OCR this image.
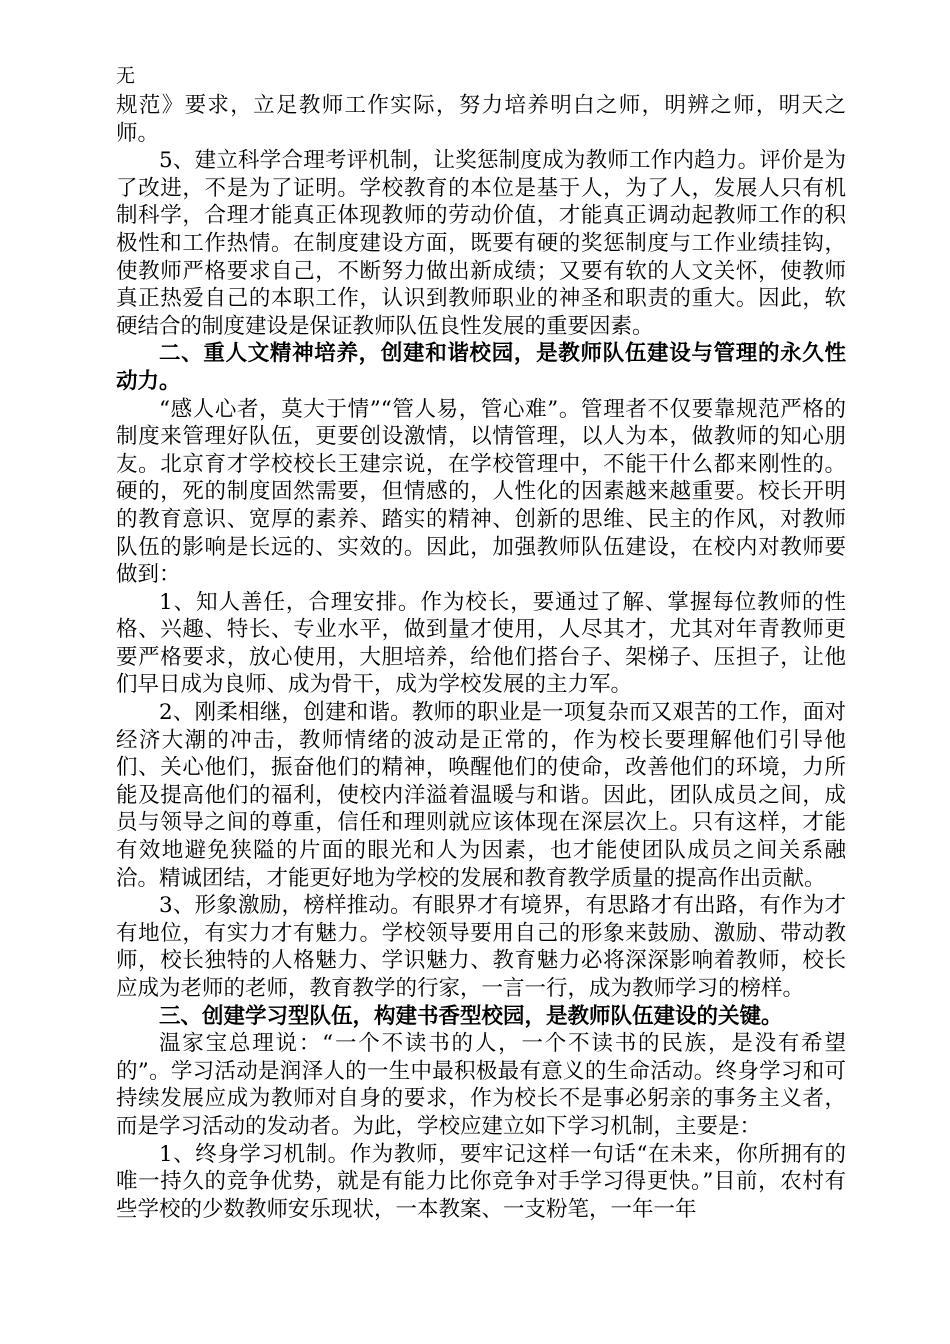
无

规范》要求，立足教师工作实际，努力培养明白之师，明辨之师，明天之师。

5、建立科学合理考评机制，让奖惩制度成为教师工作内趋力。评价是为了改进，不是为了证明。学校教育的本位是基于人，为了人，发展人只有机制科学，合理才能真正体现教师的劳动价值，才能真正调动起教师工作的积极性和工作热情。在制度建设方面，既要有硬的奖惩制度与工作业绩挂钩，使教师严格要求自己，不断努力做出新成绩；又要有软的人文关怀，使教师真正热爱自己的本职工作，认识到教师职业的神圣和职责的重大。因此，软硬结合的制度建设是保证教师队伍良性发展的重要因素。

二、重人文精神培养，创建和谐校园，是教师队伍建设与管理的永久性动力。

“感人心者，莫大于情”“管人易，管心难”。管理者不仅要靠规范严格的制度来管理好队伍，更要创设激情，以情管理，以人为本，做教师的知心朋友。北京育才学校校长王建宗说，在学校管理中，不能干什么都来刚性的。硬的，死的制度固然需要，但情感的，人性化的因素越来越重要。校长开明的教育意识、宽厚的素养、踏实的精神、创新的思维、民主的作风，对教师队伍的影响是长远的、实效的。因此，加强教师队伍建设，在校内对教师要做到：

1、知人善任，合理安排。作为校长，要通过了解、掌握每位教师的性格、兴趣、特长、专业水平，做到量才使用，人尽其才，尤其对年青教师更要严格要求，放心使用，大胆培养，给他们搭台子、架梯子、压担子，让他们早日成为良师、成为骨干，成为学校发展的主力军。

2、刚柔相继，创建和谐。教师的职业是一项复杂而又艰苦的工作，面对经济大潮的冲击，教师情绪的波动是正常的，作为校长要理解他们引导他们、关心他们，振奋他们的精神，唤醒他们的使命，改善他们的环境，力所能及提高他们的福利，使校内洋溢着温暖与和谐。因此，团队成员之间，成员与领导之间的尊重，信任和理则就应该体现在深层次上。只有这样，才能有效地避免狭隘的片面的眼光和人为因素，也才能使团队成员之间关系融洽。精诚团结，才能更好地为学校的发展和教育教学质量的提高作出贡献。

3、形象激励，榜样推动。有眼界才有境界，有思路才有出路，有作为才有地位，有实力才有魅力。学校领导要用自己的形象来鼓励、激励、带动教师，校长独特的人格魅力、学识魅力、教育魅力必将深深影响着教师，校长应成为老师的老师，教育教学的行家，一言一行，成为教师学习的榜样。

三、创建学习型队伍，构建书香型校园，是教师队伍建设的关键。

温家宝总理说：“一个不读书的人，一个不读书的民族，是没有希望的”。学习活动是润泽人的一生中最积极最有意义的生命活动。终身学习和可持续发展应成为教师对自身的要求，作为校长不是事必躬亲的事务主义者，而是学习活动的发动者。为此，学校应建立如下学习机制，主要是：

1、终身学习机制。作为教师，要牢记这样一句话“在未来，你所拥有的唯一持久的竞争优势，就是有能力比你竞争对手学习得更快。”目前，农村有些学校的少数教师安乐现状，一本教案、一支粉笔，一年一年
